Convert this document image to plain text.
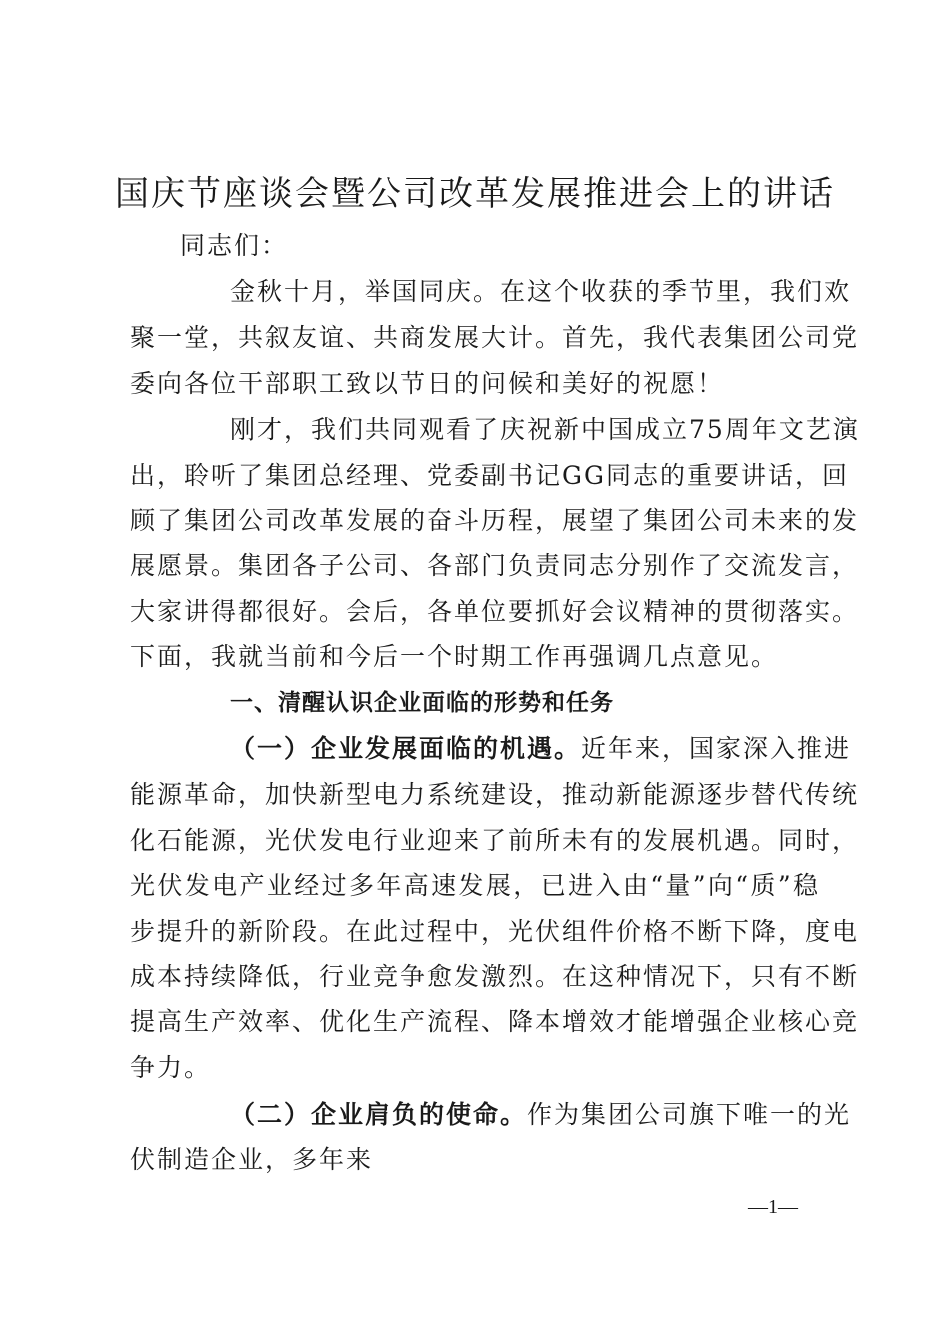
国庆节座谈会暨公司改革发展推进会上的讲话
同志们：
金秋十月，举国同庆。在这个收获的季节里，我们欢
聚一堂，共叙友谊、共商发展大计。首先，我代表集团公司党
委向各位干部职工致以节日的问候和美好的祝愿！
刚才，我们共同观看了庆祝新中国成立75周年文艺演
出，聆听了集团总经理、党委副书记GG同志的重要讲话，回
顾了集团公司改革发展的奋斗历程，展望了集团公司未来的发
展愿景。集团各子公司、各部门负责同志分别作了交流发言，
大家讲得都很好。会后，各单位要抓好会议精神的贯彻落实。
下面，我就当前和今后一个时期工作再强调几点意见。
一、清醒认识企业面临的形势和任务
（一）企业发展面临的机遇。近年来，国家深入推进
能源革命，加快新型电力系统建设，推动新能源逐步替代传统
化石能源，光伏发电行业迎来了前所未有的发展机遇。同时，
光伏发电产业经过多年高速发展，已进入由“量”向“质”稳
步提升的新阶段。在此过程中，光伏组件价格不断下降，度电
成本持续降低，行业竞争愈发激烈。在这种情况下，只有不断
提高生产效率、优化生产流程、降本增效才能增强企业核心竞
争力。
（二）企业肩负的使命。作为集团公司旗下唯一的光
伏制造企业，多年来
—1—
